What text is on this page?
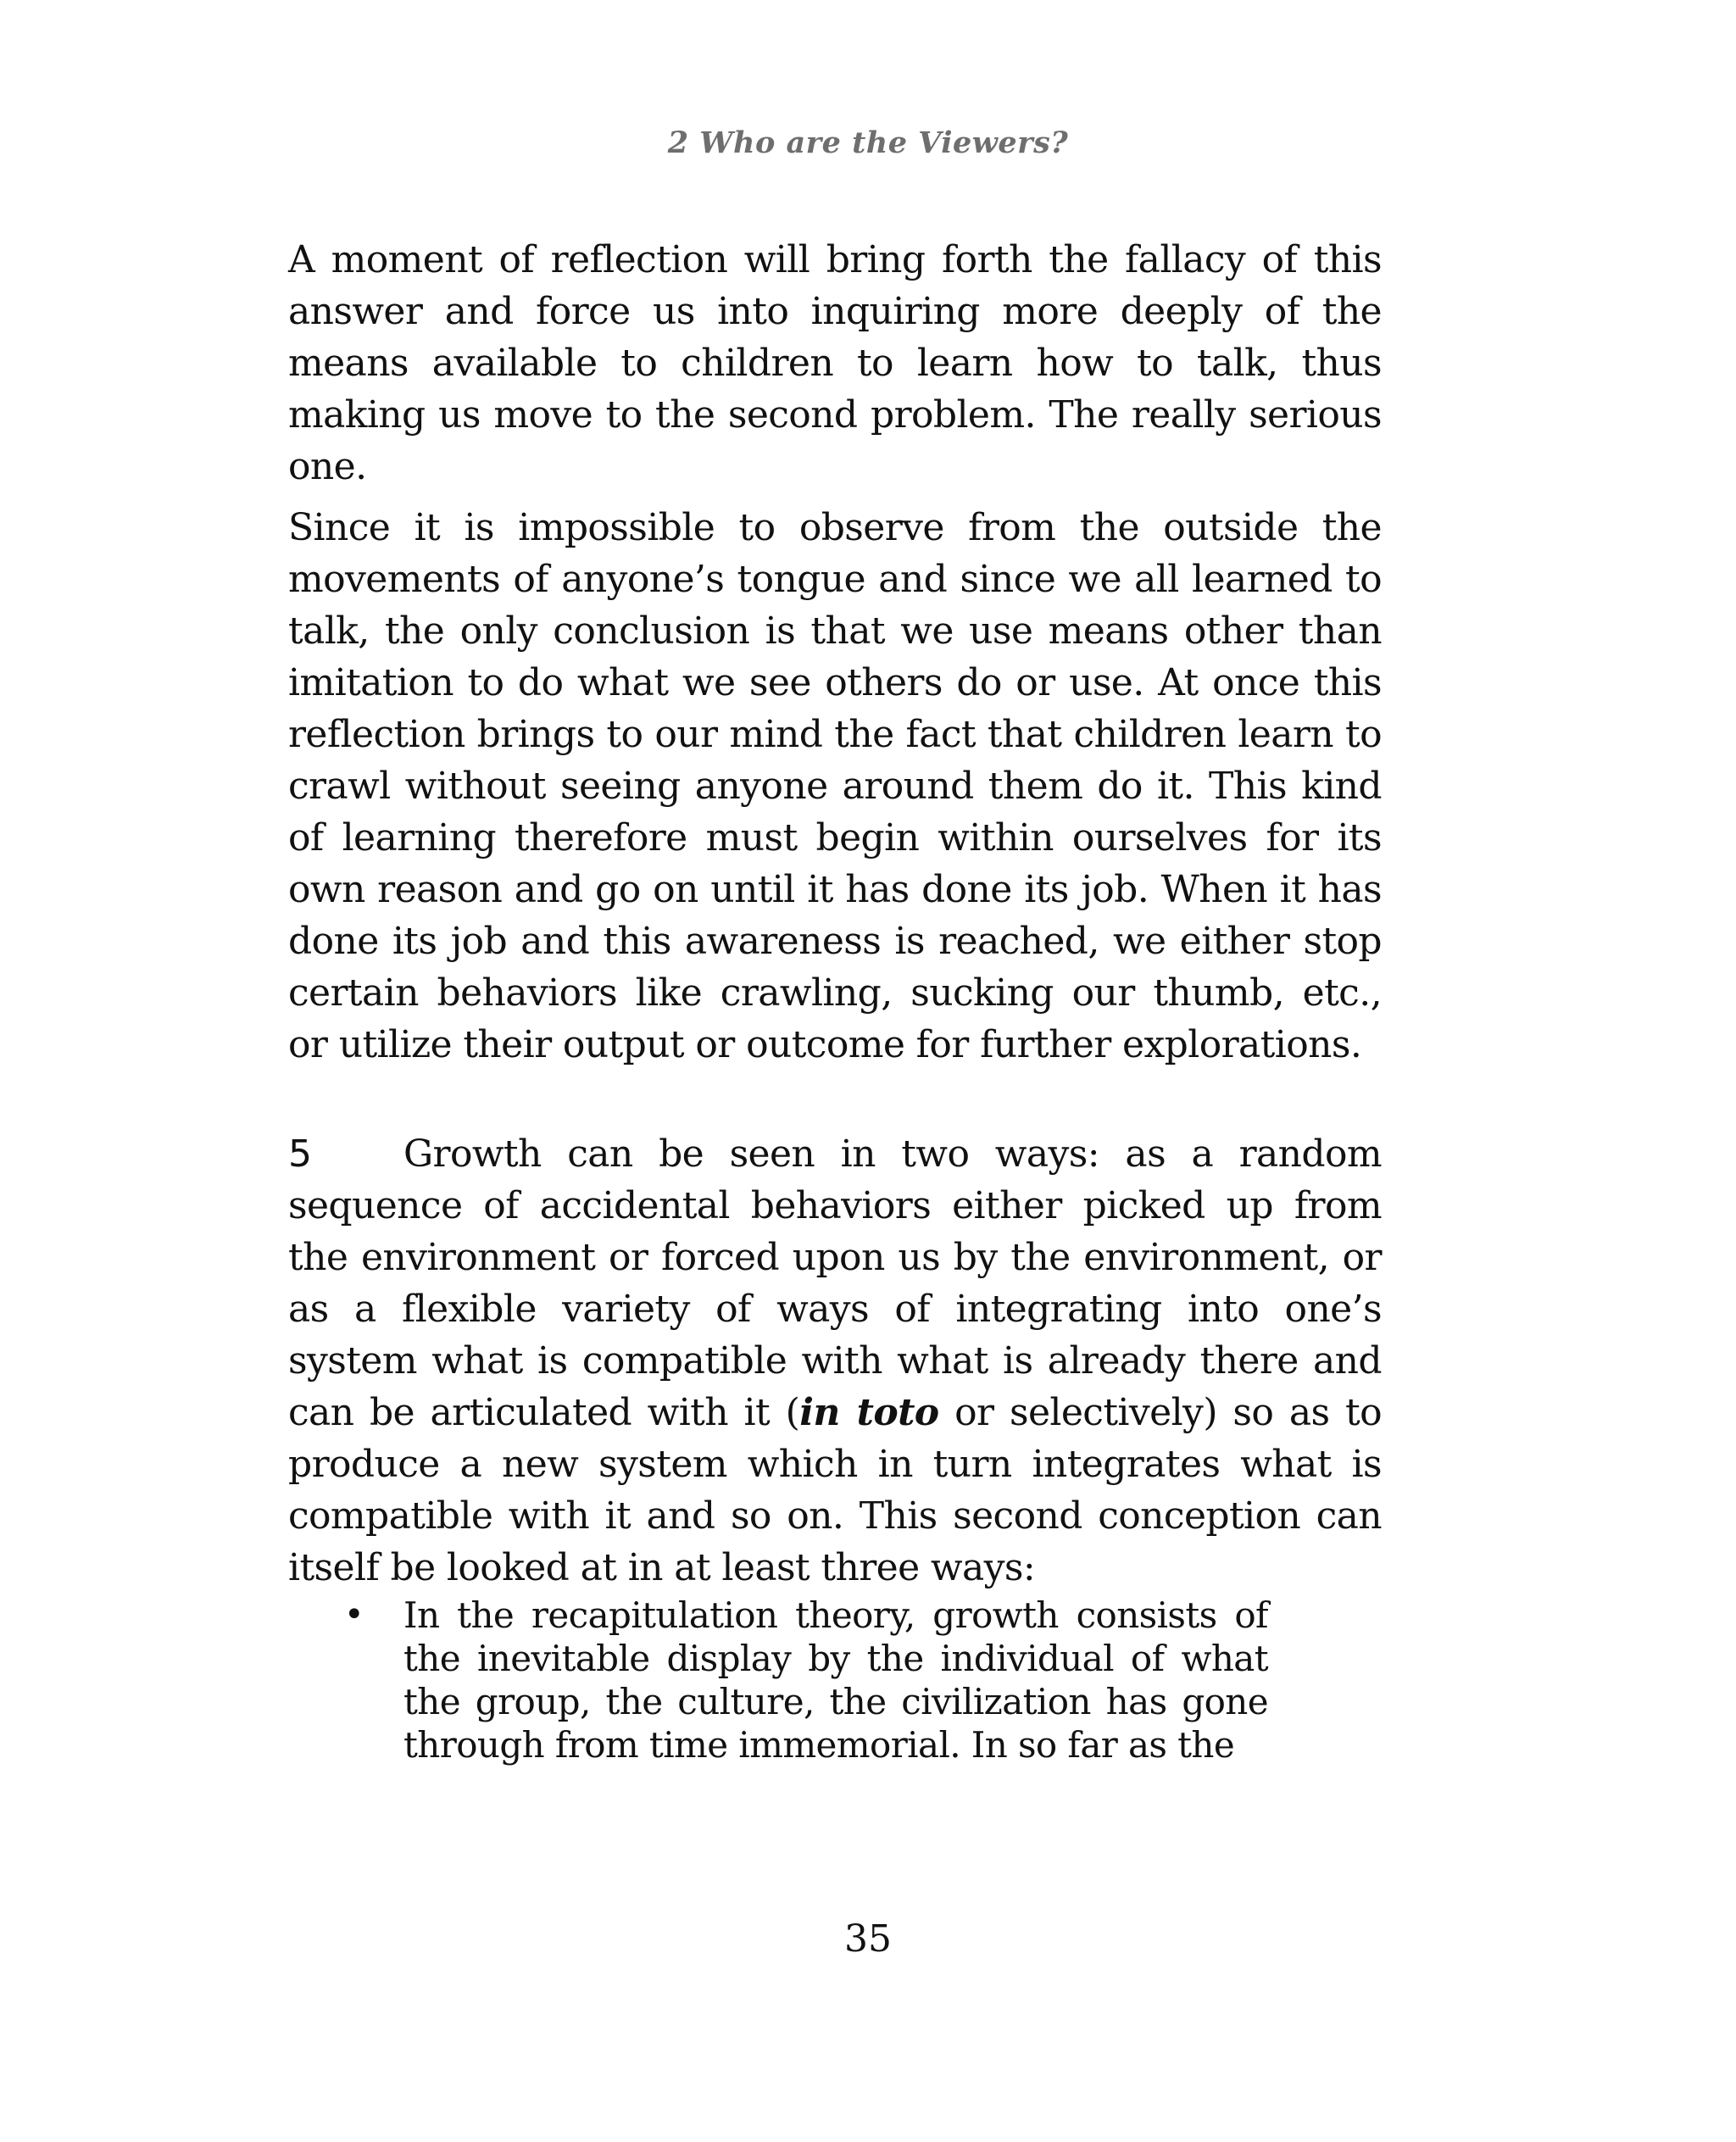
2 Who are the Viewers?

A moment of reflection will bring forth the fallacy of this answer and force us into inquiring more deeply of the means available to children to learn how to talk, thus making us move to the second problem. The really serious one.

Since it is impossible to observe from the outside the movements of anyone’s tongue and since we all learned to talk, the only conclusion is that we use means other than imitation to do what we see others do or use. At once this reflection brings to our mind the fact that children learn to crawl without seeing anyone around them do it. This kind of learning therefore must begin within ourselves for its own reason and go on until it has done its job. When it has done its job and this awareness is reached, we either stop certain behaviors like crawling, sucking our thumb, etc., or utilize their output or outcome for further explorations.

5 Growth can be seen in two ways: as a random sequence of accidental behaviors either picked up from the environment or forced upon us by the environment, or as a flexible variety of ways of integrating into one’s system what is compatible with what is already there and can be articulated with it (in toto or selectively) so as to produce a new system which in turn integrates what is compatible with it and so on. This second conception can itself be looked at in at least three ways:

• In the recapitulation theory, growth consists of the inevitable display by the individual of what the group, the culture, the civilization has gone through from time immemorial. In so far as the
35
